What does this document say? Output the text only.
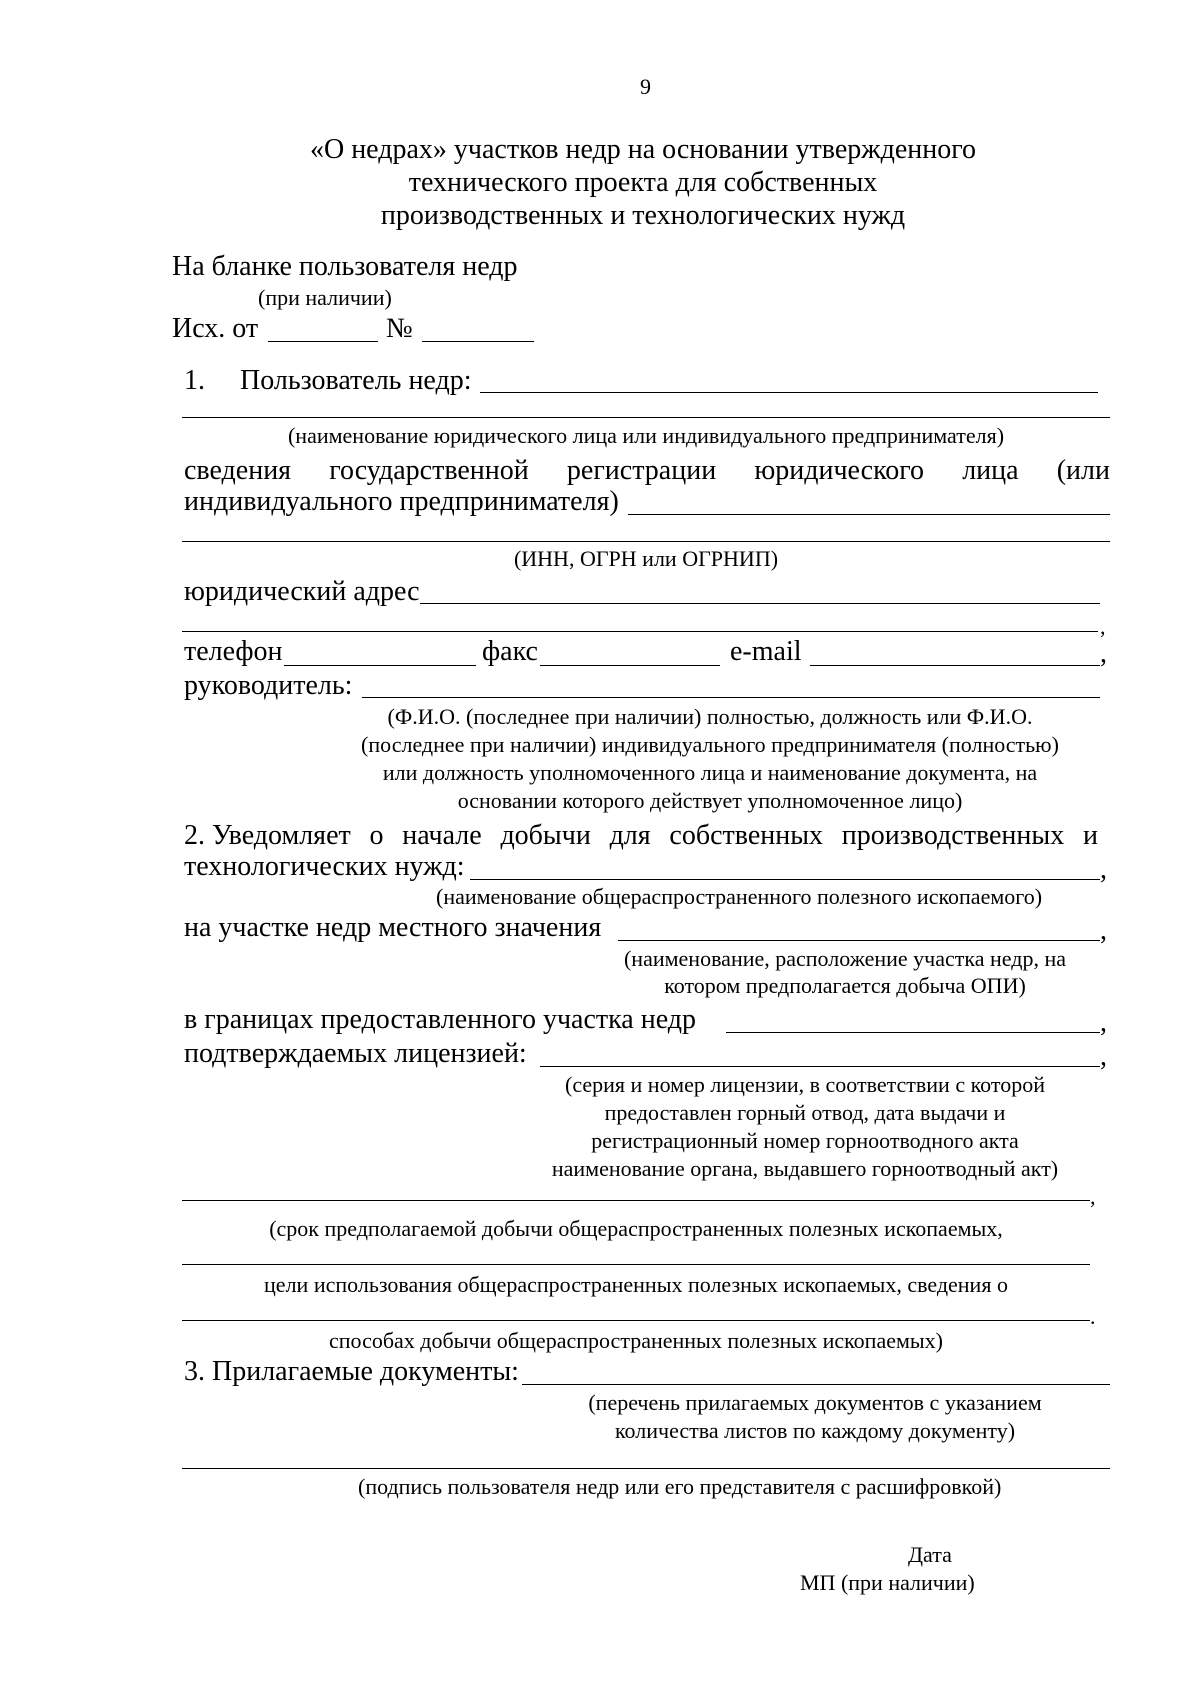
9
«О недрах» участков недр на основании утвержденного
технического проекта для собственных
производственных и технологических нужд
На бланке пользователя недр
(при наличии)
Исх. от	№
1. Пользователь недр:
(наименование юридического лица или индивидуального предпринимателя)
сведения государственной регистрации юридического лица (или
индивидуального предпринимателя)
(ИНН, ОГРН или ОГРНИП)
юридический адрес
,
телефон	факс	e-mail	,
руководитель:
(Ф.И.О. (последнее при наличии) полностью, должность или Ф.И.О.
(последнее при наличии) индивидуального предпринимателя (полностью)
или должность уполномоченного лица и наименование документа, на
основании которого действует уполномоченное лицо)
2. Уведомляет о начале добычи для собственных производственных и
технологических нужд:	,
(наименование общераспространенного полезного ископаемого)
на участке недр местного значения	,
(наименование, расположение участка недр, на
котором предполагается добыча ОПИ)
в границах предоставленного участка недр	,
подтверждаемых лицензией:	,
(серия и номер лицензии, в соответствии с которой
предоставлен горный отвод, дата выдачи и
регистрационный номер горноотводного акта
наименование органа, выдавшего горноотводный акт)
,
(срок предполагаемой добычи общераспространенных полезных ископаемых,
цели использования общераспространенных полезных ископаемых, сведения о
.
способах добычи общераспространенных полезных ископаемых)
3. Прилагаемые документы:
(перечень прилагаемых документов с указанием
количества листов по каждому документу)
(подпись пользователя недр или его представителя с расшифровкой)
Дата
МП (при наличии)
